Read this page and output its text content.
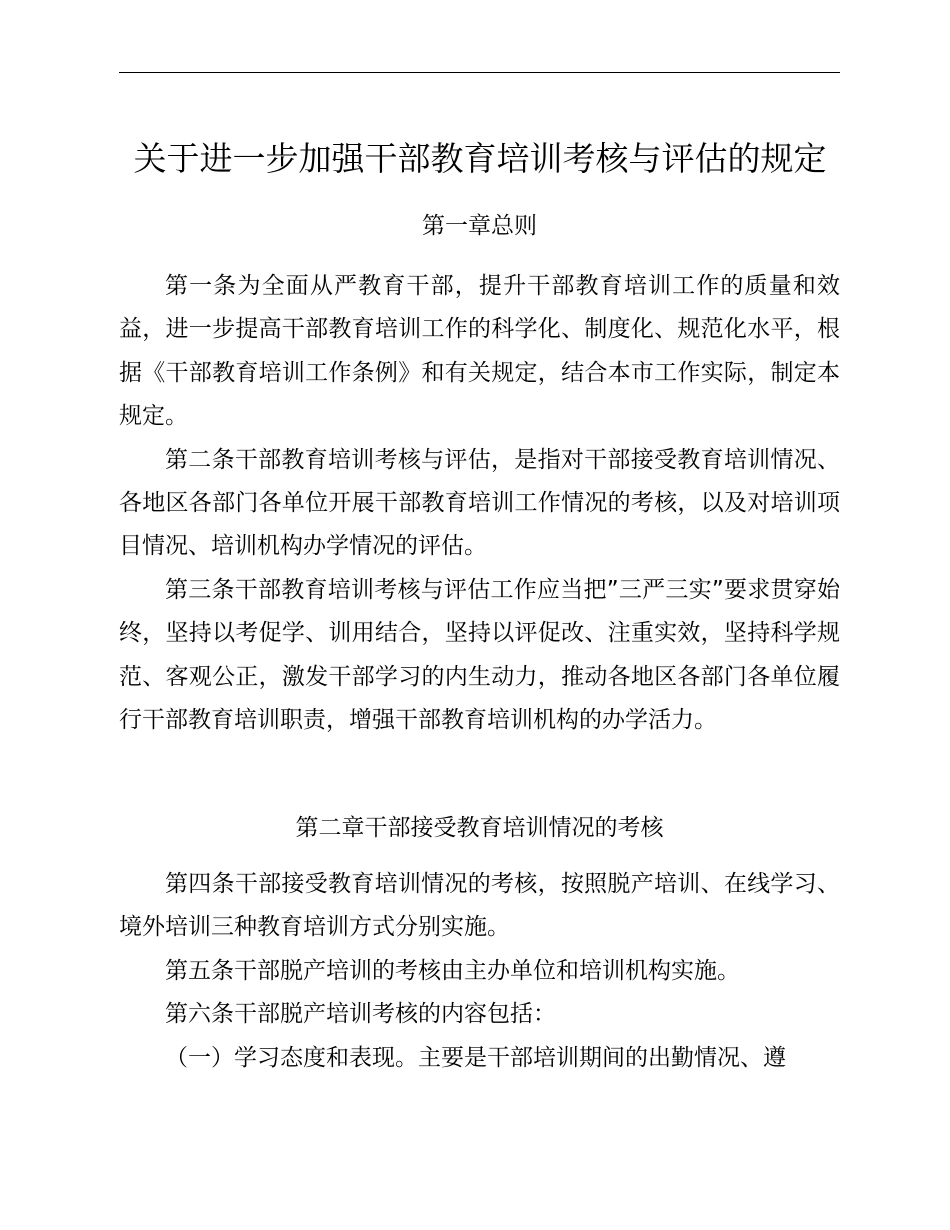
关于进一步加强干部教育培训考核与评估的规定
第一章总则

第一条为全面从严教育干部，提升干部教育培训工作的质量和效益，进一步提高干部教育培训工作的科学化、制度化、规范化水平，根据《干部教育培训工作条例》和有关规定，结合本市工作实际，制定本规定。

第二条干部教育培训考核与评估，是指对干部接受教育培训情况、各地区各部门各单位开展干部教育培训工作情况的考核，以及对培训项目情况、培训机构办学情况的评估。

第三条干部教育培训考核与评估工作应当把”三严三实”要求贯穿始终，坚持以考促学、训用结合，坚持以评促改、注重实效，坚持科学规范、客观公正，激发干部学习的内生动力，推动各地区各部门各单位履行干部教育培训职责，增强干部教育培训机构的办学活力。

第二章干部接受教育培训情况的考核

第四条干部接受教育培训情况的考核，按照脱产培训、在线学习、境外培训三种教育培训方式分别实施。

第五条干部脱产培训的考核由主办单位和培训机构实施。

第六条干部脱产培训考核的内容包括：

（一）学习态度和表现。主要是干部培训期间的出勤情况、遵
